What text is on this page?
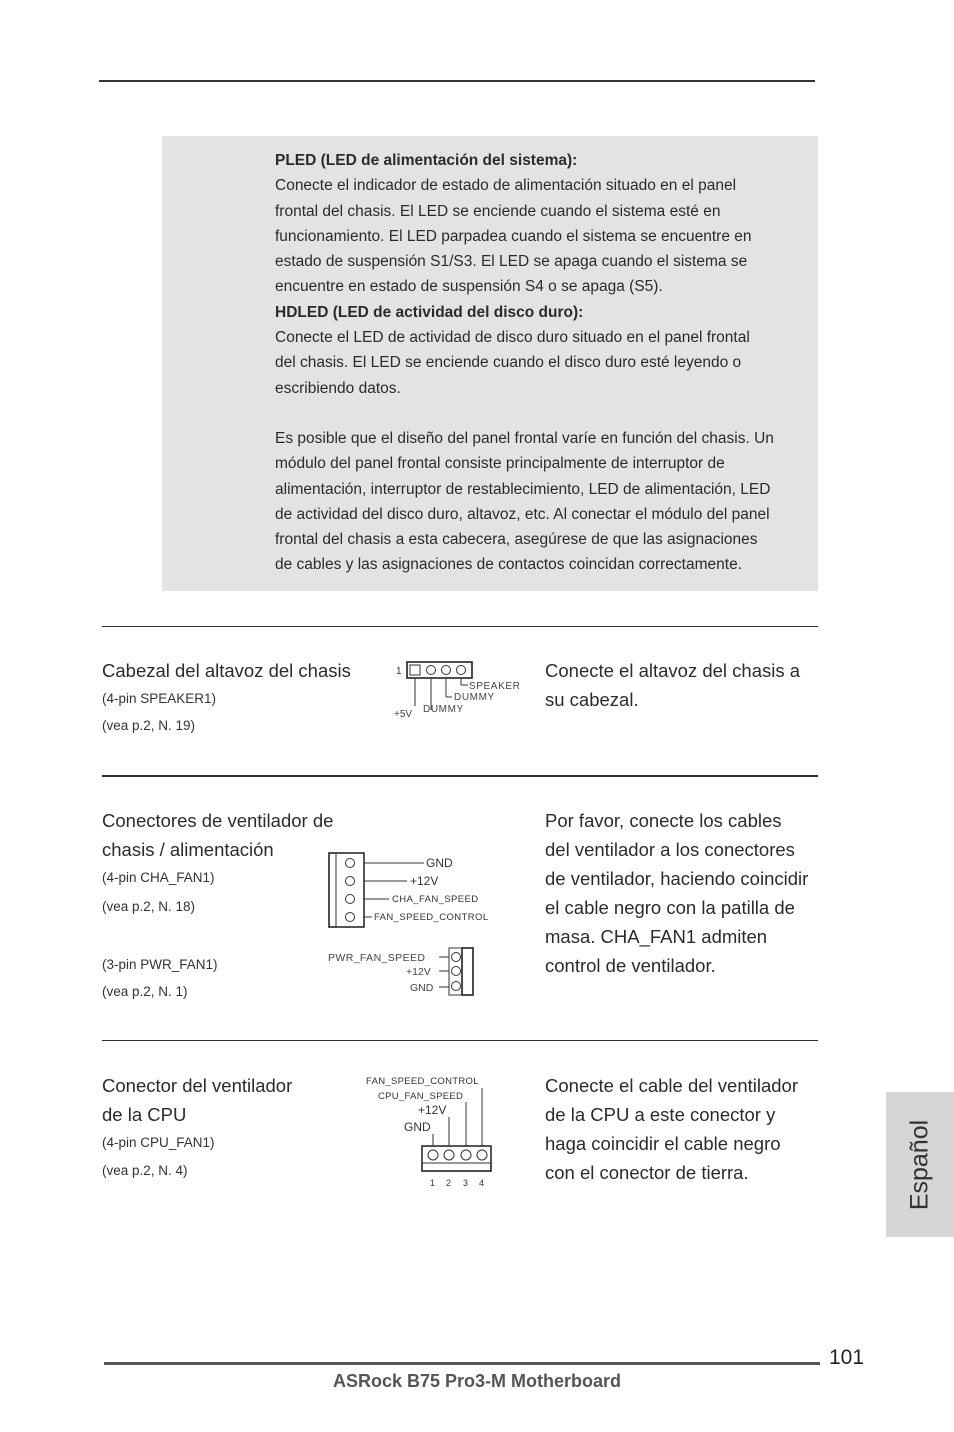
PLED (LED de alimentación del sistema):
Conecte el indicador de estado de alimentación situado en el panel
frontal del chasis. El LED se enciende cuando el sistema esté en
funcionamiento. El LED parpadea cuando el sistema se encuentre en
estado de suspensión S1/S3. El LED se apaga cuando el sistema se
encuentre en estado de suspensión S4 o se apaga (S5).
HDLED (LED de actividad del disco duro):
Conecte el LED de actividad de disco duro situado en el panel frontal
del chasis. El LED se enciende cuando el disco duro esté leyendo o
escribiendo datos.
Es posible que el diseño del panel frontal varíe en función del chasis. Un
módulo del panel frontal consiste principalmente de interruptor de
alimentación, interruptor de restablecimiento, LED de alimentación, LED
de actividad del disco duro, altavoz, etc. Al conectar el módulo del panel
frontal del chasis a esta cabecera, asegúrese de que las asignaciones
de cables y las asignaciones de contactos coincidan correctamente.
Cabezal del altavoz del chasis
(4-pin SPEAKER1)
(vea p.2, N. 19)
1
SPEAKER
DUMMY
+5V DUMMY
Conecte el altavoz del chasis a
su cabezal.
Conectores de ventilador de
chasis / alimentación
(4-pin CHA_FAN1)
(vea p.2, N. 18)
(3-pin PWR_FAN1)
(vea p.2, N. 1)
GND
+12V
CHA_FAN_SPEED
FAN_SPEED_CONTROL
PWR_FAN_SPEED
+12V
GND
Por favor, conecte los cables
del ventilador a los conectores
de ventilador, haciendo coincidir
el cable negro con la patilla de
masa. CHA_FAN1 admiten
control de ventilador.
Conector del ventilador
de la CPU
(4-pin CPU_FAN1)
(vea p.2, N. 4)
FAN_SPEED_CONTROL
CPU_FAN_SPEED
+12V
GND
1 2 3 4
Conecte el cable del ventilador
de la CPU a este conector y
haga coincidir el cable negro
con el conector de tierra.	Español
101
ASRock B75 Pro3-M Motherboard
